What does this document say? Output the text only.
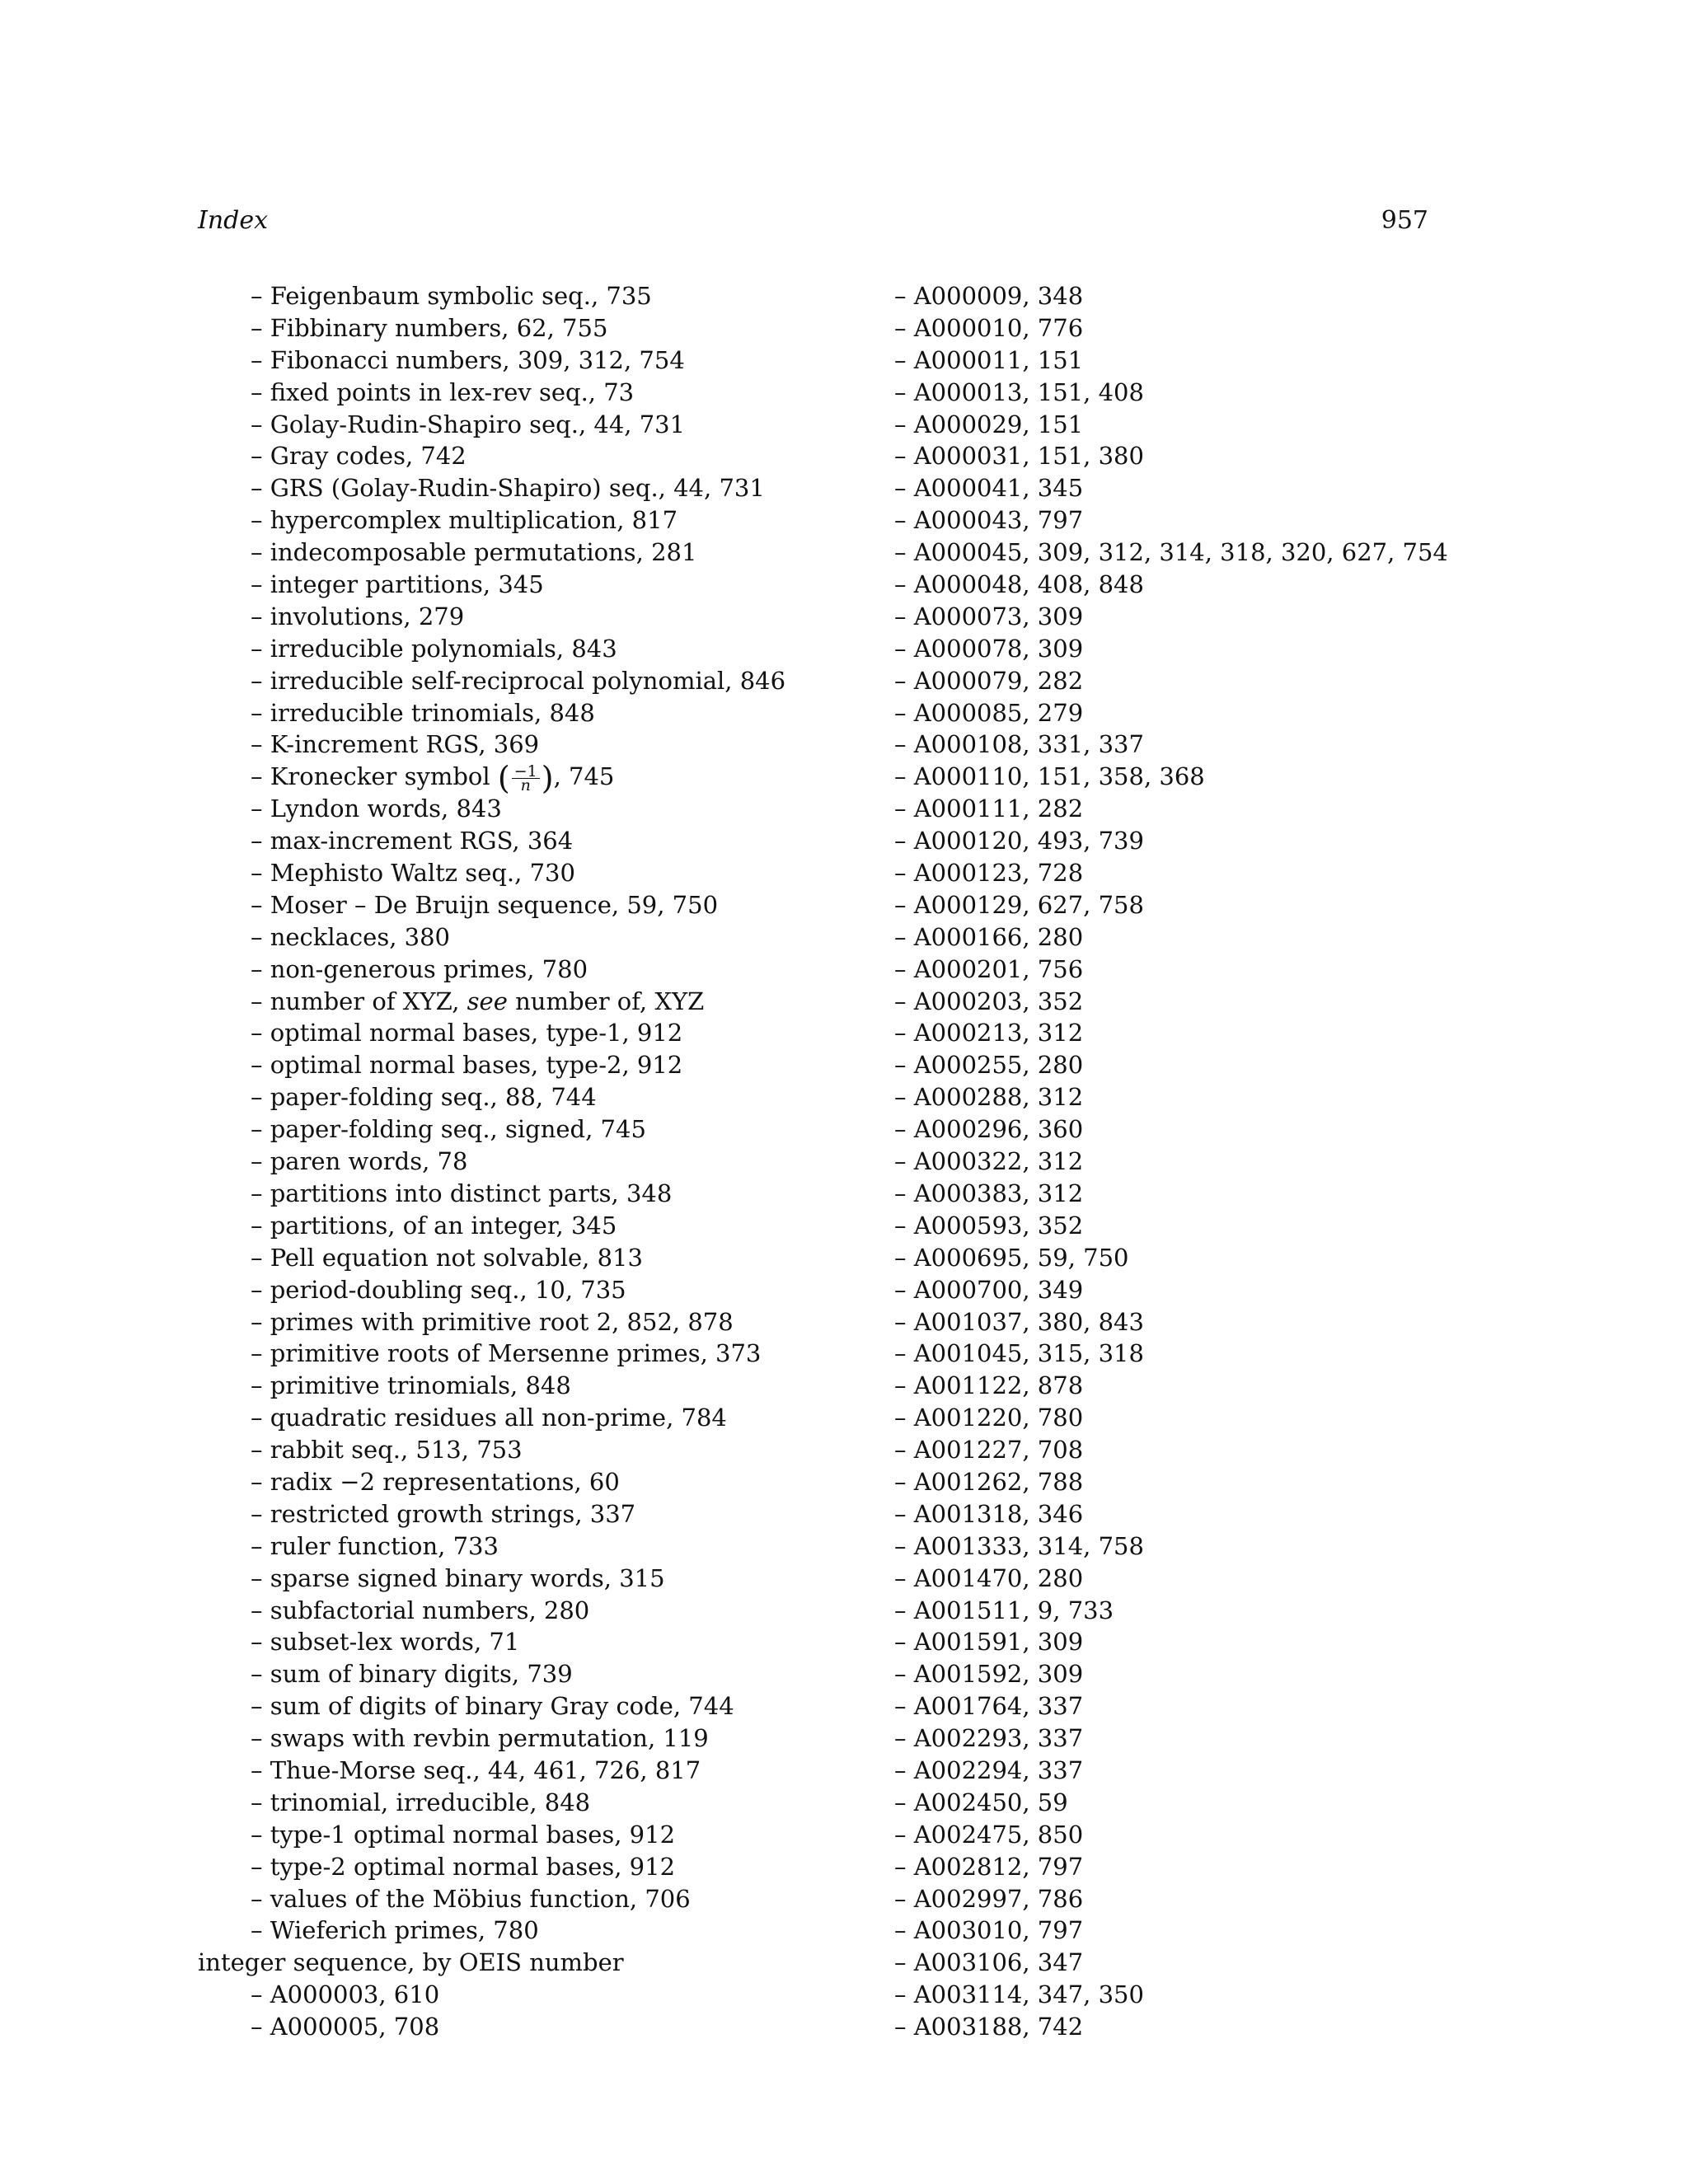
Index	957
– Feigenbaum symbolic seq., 735
– Fibbinary numbers, 62, 755
– Fibonacci numbers, 309, 312, 754
– fixed points in lex-rev seq., 73
– Golay-Rudin-Shapiro seq., 44, 731
– Gray codes, 742
– GRS (Golay-Rudin-Shapiro) seq., 44, 731
– hypercomplex multiplication, 817
– indecomposable permutations, 281
– integer partitions, 345
– involutions, 279
– irreducible polynomials, 843
– irreducible self-reciprocal polynomial, 846
– irreducible trinomials, 848
– K-increment RGS, 369
– Kronecker symbol ( $\frac{-1}{n}$ ), 745
– Lyndon words, 843
– max-increment RGS, 364
– Mephisto Waltz seq., 730
– Moser – De Bruijn sequence, 59, 750
– necklaces, 380
– non-generous primes, 780
– number of XYZ, see number of, XYZ
– optimal normal bases, type-1, 912
– optimal normal bases, type-2, 912
– paper-folding seq., 88, 744
– paper-folding seq., signed, 745
– paren words, 78
– partitions into distinct parts, 348
– partitions, of an integer, 345
– Pell equation not solvable, 813
– period-doubling seq., 10, 735
– primes with primitive root 2, 852, 878
– primitive roots of Mersenne primes, 373
– primitive trinomials, 848
– quadratic residues all non-prime, 784
– rabbit seq., 513, 753
– radix −2 representations, 60
– restricted growth strings, 337
– ruler function, 733
– sparse signed binary words, 315
– subfactorial numbers, 280
– subset-lex words, 71
– sum of binary digits, 739
– sum of digits of binary Gray code, 744
– swaps with revbin permutation, 119
– Thue-Morse seq., 44, 461, 726, 817
– trinomial, irreducible, 848
– type-1 optimal normal bases, 912
– type-2 optimal normal bases, 912
– values of the Möbius function, 706
– Wieferich primes, 780
integer sequence, by OEIS number
– A000003, 610
– A000005, 708
– A000009, 348
– A000010, 776
– A000011, 151
– A000013, 151, 408
– A000029, 151
– A000031, 151, 380
– A000041, 345
– A000043, 797
– A000045, 309, 312, 314, 318, 320, 627, 754
– A000048, 408, 848
– A000073, 309
– A000078, 309
– A000079, 282
– A000085, 279
– A000108, 331, 337
– A000110, 151, 358, 368
– A000111, 282
– A000120, 493, 739
– A000123, 728
– A000129, 627, 758
– A000166, 280
– A000201, 756
– A000203, 352
– A000213, 312
– A000255, 280
– A000288, 312
– A000296, 360
– A000322, 312
– A000383, 312
– A000593, 352
– A000695, 59, 750
– A000700, 349
– A001037, 380, 843
– A001045, 315, 318
– A001122, 878
– A001220, 780
– A001227, 708
– A001262, 788
– A001318, 346
– A001333, 314, 758
– A001470, 280
– A001511, 9, 733
– A001591, 309
– A001592, 309
– A001764, 337
– A002293, 337
– A002294, 337
– A002450, 59
– A002475, 850
– A002812, 797
– A002997, 786
– A003010, 797
– A003106, 347
– A003114, 347, 350
– A003188, 742
